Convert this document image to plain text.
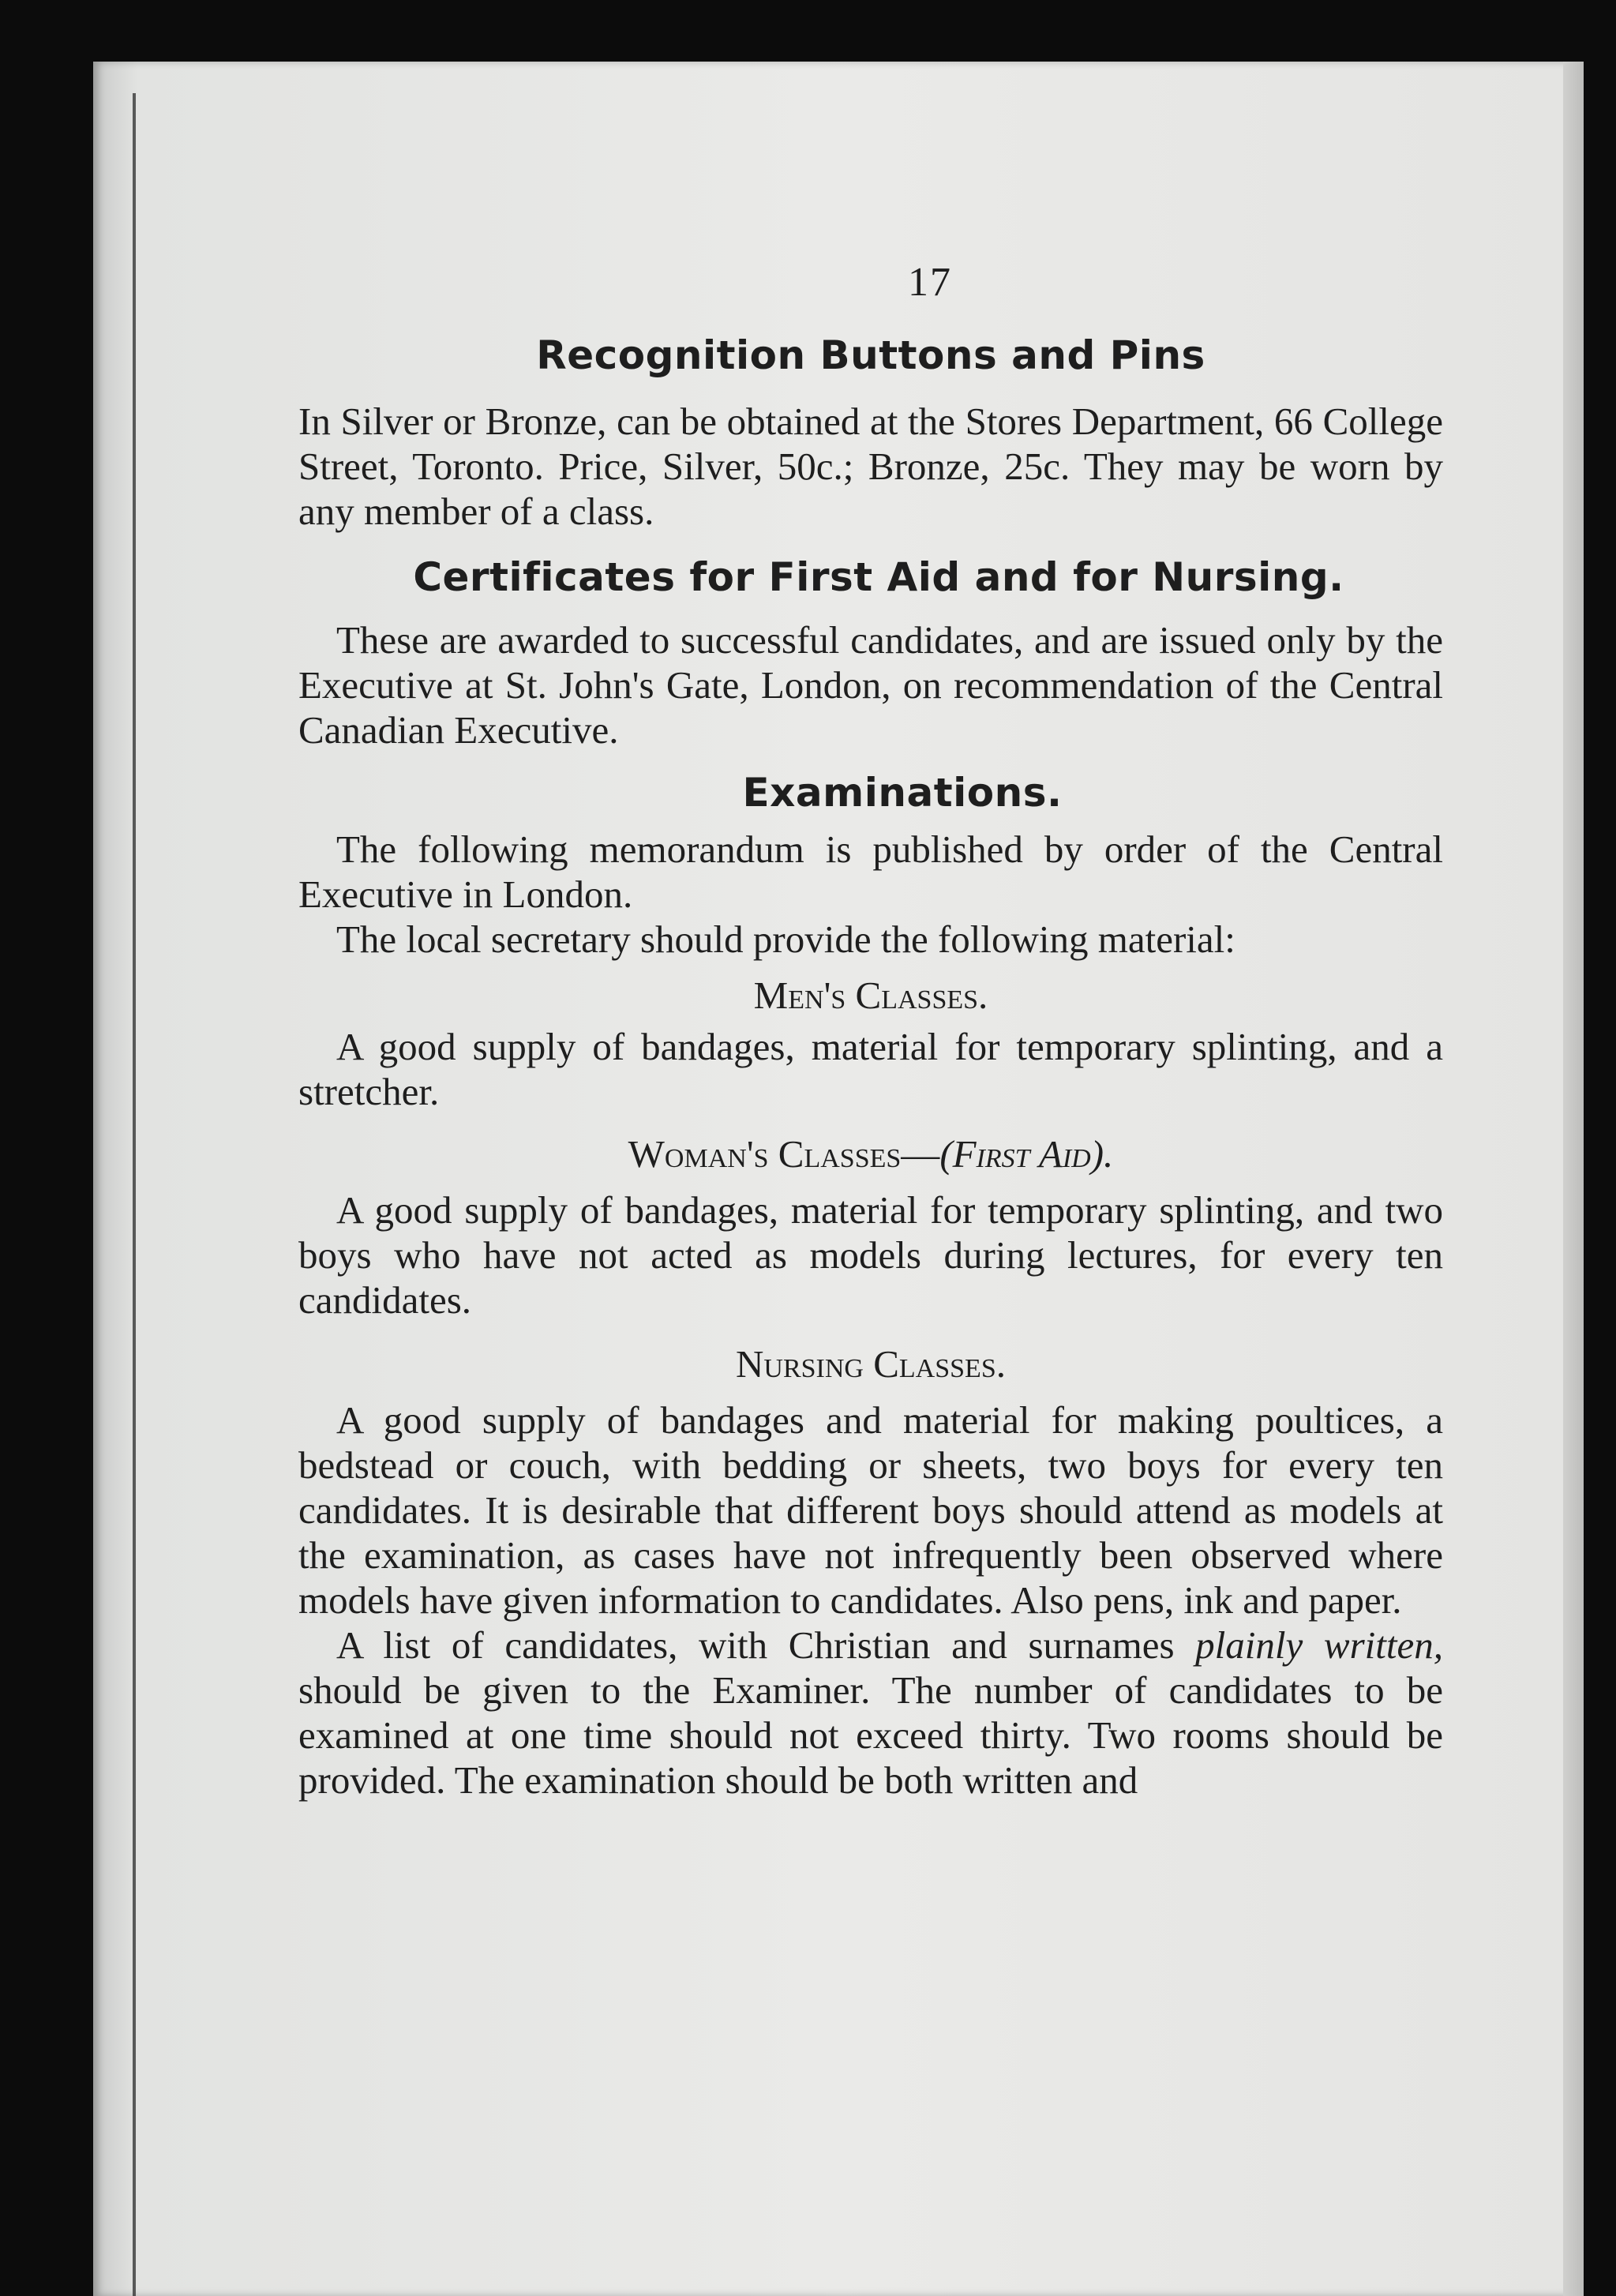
17
Recognition Buttons and Pins

In Silver or Bronze, can be obtained at the Stores Department, 66 College Street, Toronto. Price, Silver, 50c.; Bronze, 25c. They may be worn by any member of a class.

Certificates for First Aid and for Nursing.

These are awarded to successful candidates, and are issued only by the Executive at St. John's Gate, London, on recommendation of the Central Canadian Executive.

Examinations.

The following memorandum is published by order of the Central Executive in London.

The local secretary should provide the following material:

Men's Classes.

A good supply of bandages, material for temporary splinting, and a stretcher.

Woman's Classes—(First Aid).

A good supply of bandages, material for temporary splinting, and two boys who have not acted as models during lectures, for every ten candidates.

Nursing Classes.

A good supply of bandages and material for making poultices, a bedstead or couch, with bedding or sheets, two boys for every ten candidates. It is desirable that different boys should attend as models at the examination, as cases have not infrequently been observed where models have given information to candidates. Also pens, ink and paper.

A list of candidates, with Christian and surnames plainly written, should be given to the Examiner. The number of candidates to be examined at one time should not exceed thirty. Two rooms should be provided. The examination should be both written and
